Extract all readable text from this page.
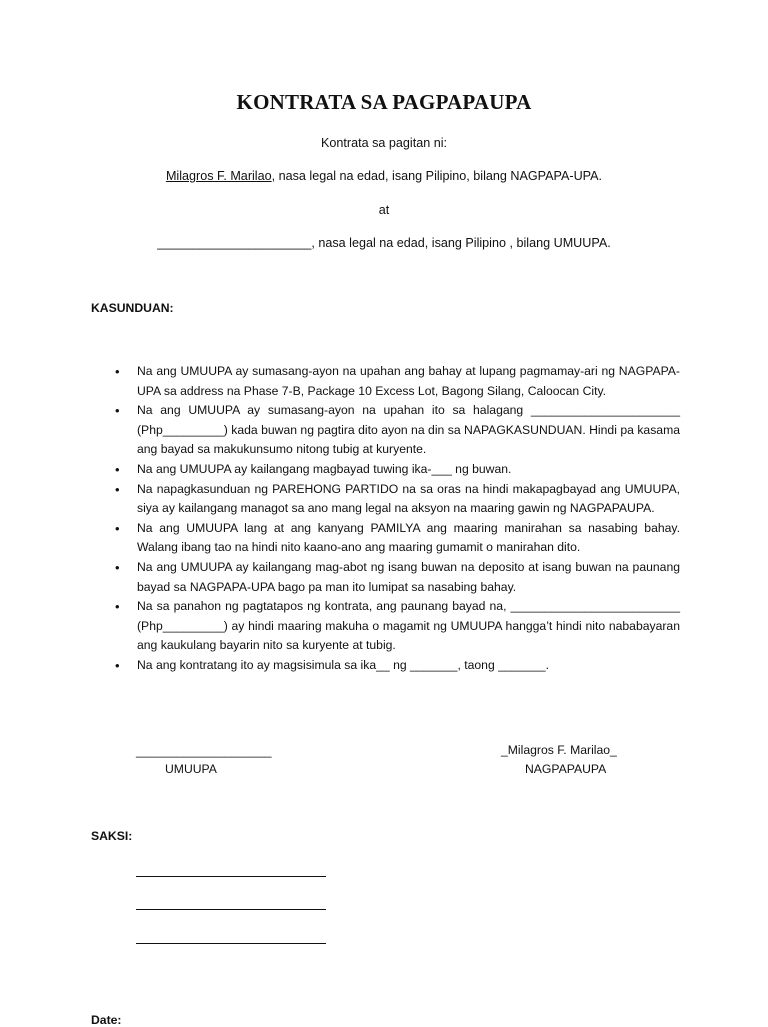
KONTRATA SA PAGPAPAUPA
Kontrata sa pagitan ni:
Milagros F. Marilao, nasa legal na edad, isang Pilipino, bilang NAGPAPA-UPA.
at
______________________, nasa legal na edad, isang Pilipino , bilang UMUUPA.
KASUNDUAN:
• Na ang UMUUPA ay sumasang-ayon na upahan ang bahay at lupang pagmamay-ari ng NAGPAPA-UPA sa address na Phase 7-B, Package 10 Excess Lot, Bagong Silang, Caloocan City.
• Na ang UMUUPA ay sumasang-ayon na upahan ito sa halagang ______________________ (Php_________) kada buwan ng pagtira dito ayon na din sa NAPAGKASUNDUAN. Hindi pa kasama ang bayad sa makukunsumo nitong tubig at kuryente.
• Na ang UMUUPA ay kailangang magbayad tuwing ika-___ ng buwan.
• Na napagkasunduan ng PAREHONG PARTIDO na sa oras na hindi makapagbayad ang UMUUPA, siya ay kailangang managot sa ano mang legal na aksyon na maaring gawin ng NAGPAPAUPA.
• Na ang UMUUPA lang at ang kanyang PAMILYA ang maaring manirahan sa nasabing bahay. Walang ibang tao na hindi nito kaano-ano ang maaring gumamit o manirahan dito.
• Na ang UMUUPA ay kailangang mag-abot ng isang buwan na deposito at isang buwan na paunang bayad sa NAGPAPA-UPA bago pa man ito lumipat sa nasabing bahay.
• Na sa panahon ng pagtatapos ng kontrata, ang paunang bayad na, _________________________ (Php_________) ay hindi maaring makuha o magamit ng UMUUPA hangga’t hindi nito nababayaran ang kaukulang bayarin nito sa kuryente at tubig.
• Na ang kontratang ito ay magsisimula sa ika__ ng _______, taong _______.
____________________
UMUUPA
_Milagros F. Marilao_
NAGPAPAUPA
SAKSI:
Date:
